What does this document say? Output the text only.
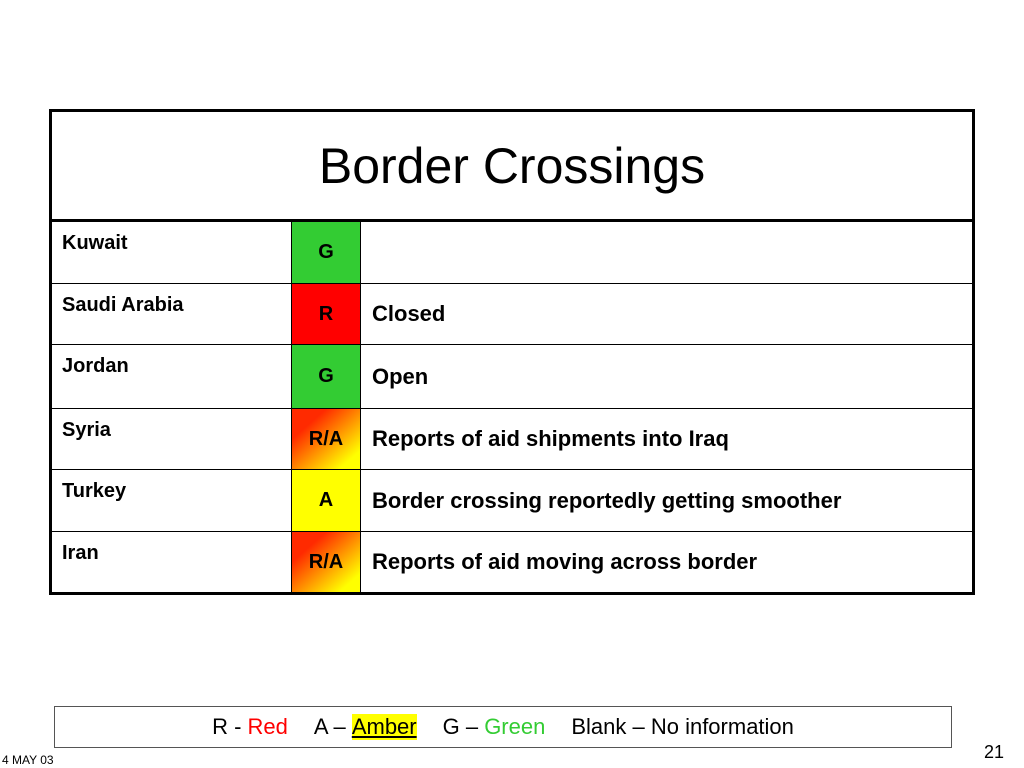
Border Crossings
Kuwait	G
Saudi Arabia	R	Closed
Jordan	G	Open
Syria	R/A	Reports of aid shipments into Iraq
Turkey	A	Border crossing reportedly getting smoother
Iran	R/A	Reports of aid moving across border
R - Red A – Amber G – Green Blank – No information
21
4 MAY 03
